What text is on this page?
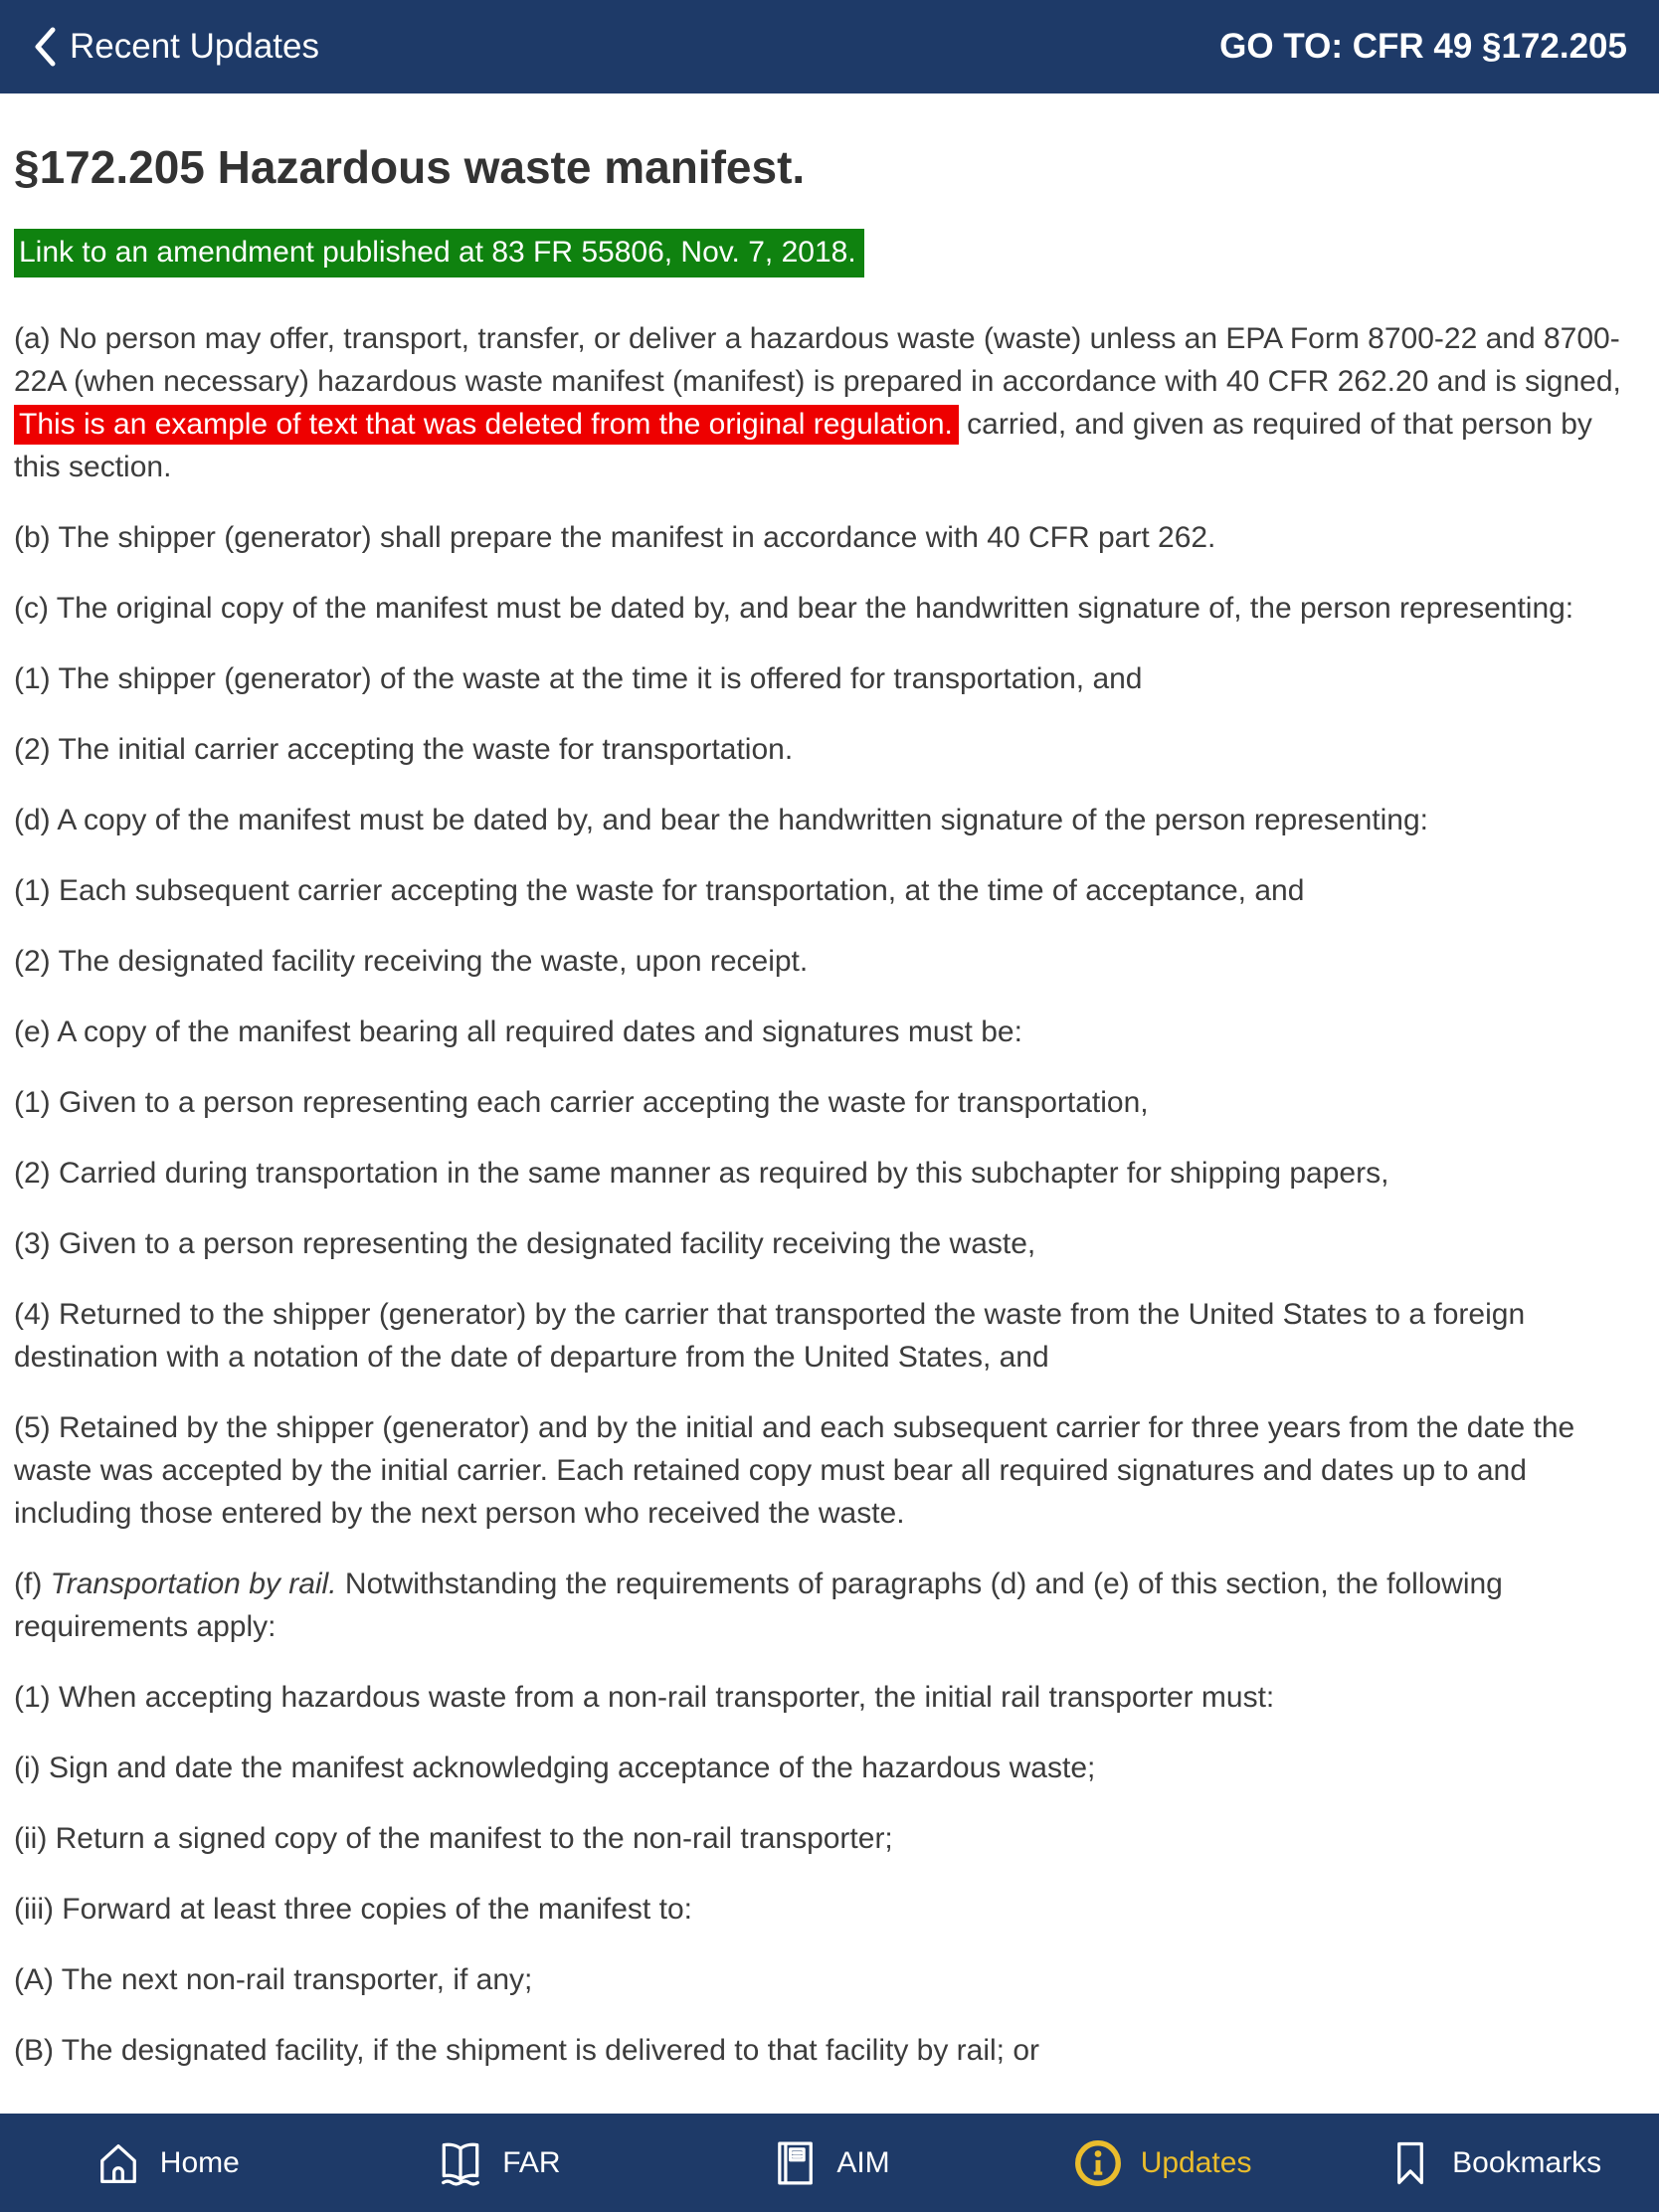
Recent Updates	GO TO: CFR 49 §172.205
§172.205 Hazardous waste manifest.
Link to an amendment published at 83 FR 55806, Nov. 7, 2018.

(a) No person may offer, transport, transfer, or deliver a hazardous waste (waste) unless an EPA Form 8700-22 and 8700-22A (when necessary) hazardous waste manifest (manifest) is prepared in accordance with 40 CFR 262.20 and is signed, This is an example of text that was deleted from the original regulation. carried, and given as required of that person by this section.

(b) The shipper (generator) shall prepare the manifest in accordance with 40 CFR part 262.

(c) The original copy of the manifest must be dated by, and bear the handwritten signature of, the person representing:

(1) The shipper (generator) of the waste at the time it is offered for transportation, and

(2) The initial carrier accepting the waste for transportation.

(d) A copy of the manifest must be dated by, and bear the handwritten signature of the person representing:

(1) Each subsequent carrier accepting the waste for transportation, at the time of acceptance, and

(2) The designated facility receiving the waste, upon receipt.

(e) A copy of the manifest bearing all required dates and signatures must be:

(1) Given to a person representing each carrier accepting the waste for transportation,

(2) Carried during transportation in the same manner as required by this subchapter for shipping papers,

(3) Given to a person representing the designated facility receiving the waste,

(4) Returned to the shipper (generator) by the carrier that transported the waste from the United States to a foreign destination with a notation of the date of departure from the United States, and

(5) Retained by the shipper (generator) and by the initial and each subsequent carrier for three years from the date the waste was accepted by the initial carrier. Each retained copy must bear all required signatures and dates up to and including those entered by the next person who received the waste.

(f) Transportation by rail. Notwithstanding the requirements of paragraphs (d) and (e) of this section, the following requirements apply:

(1) When accepting hazardous waste from a non-rail transporter, the initial rail transporter must:

(i) Sign and date the manifest acknowledging acceptance of the hazardous waste;

(ii) Return a signed copy of the manifest to the non-rail transporter;

(iii) Forward at least three copies of the manifest to:

(A) The next non-rail transporter, if any;

(B) The designated facility, if the shipment is delivered to that facility by rail; or

Home	FAR	AIM	Updates	Bookmarks
